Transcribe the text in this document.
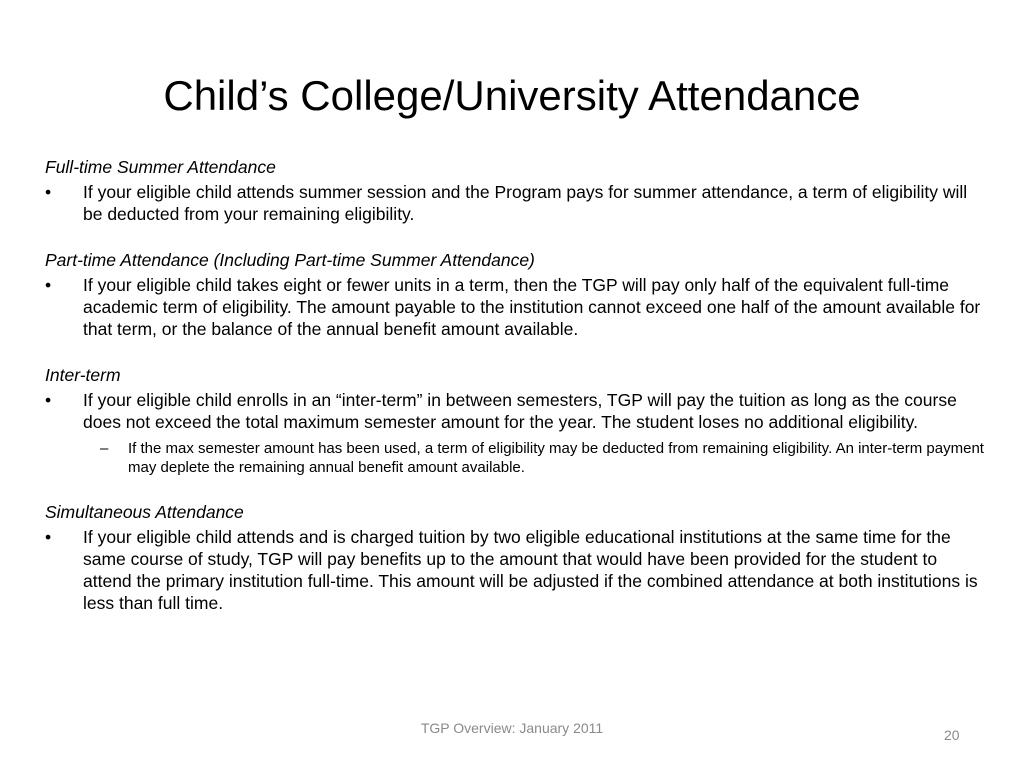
Child’s College/University Attendance
Full-time Summer Attendance
•	If your eligible child attends summer session and the Program pays for summer attendance, a term of eligibility will be deducted from your remaining eligibility.
Part-time Attendance (Including Part-time Summer Attendance)
•	If your eligible child takes eight or fewer units in a term, then the TGP will pay only half of the equivalent full-time academic term of eligibility. The amount payable to the institution cannot exceed one half of the amount available for that term, or the balance of the annual benefit amount available.
Inter-term
•	If your eligible child enrolls in an “inter-term” in between semesters, TGP will pay the tuition as long as the course does not exceed the total maximum semester amount for the year. The student loses no additional eligibility.
– If the max semester amount has been used, a term of eligibility may be deducted from remaining eligibility. An inter-term payment may deplete the remaining annual benefit amount available.
Simultaneous Attendance
•	If your eligible child attends and is charged tuition by two eligible educational institutions at the same time for the same course of study, TGP will pay benefits up to the amount that would have been provided for the student to attend the primary institution full-time. This amount will be adjusted if the combined attendance at both institutions is less than full time.
TGP Overview: January 2011	20
